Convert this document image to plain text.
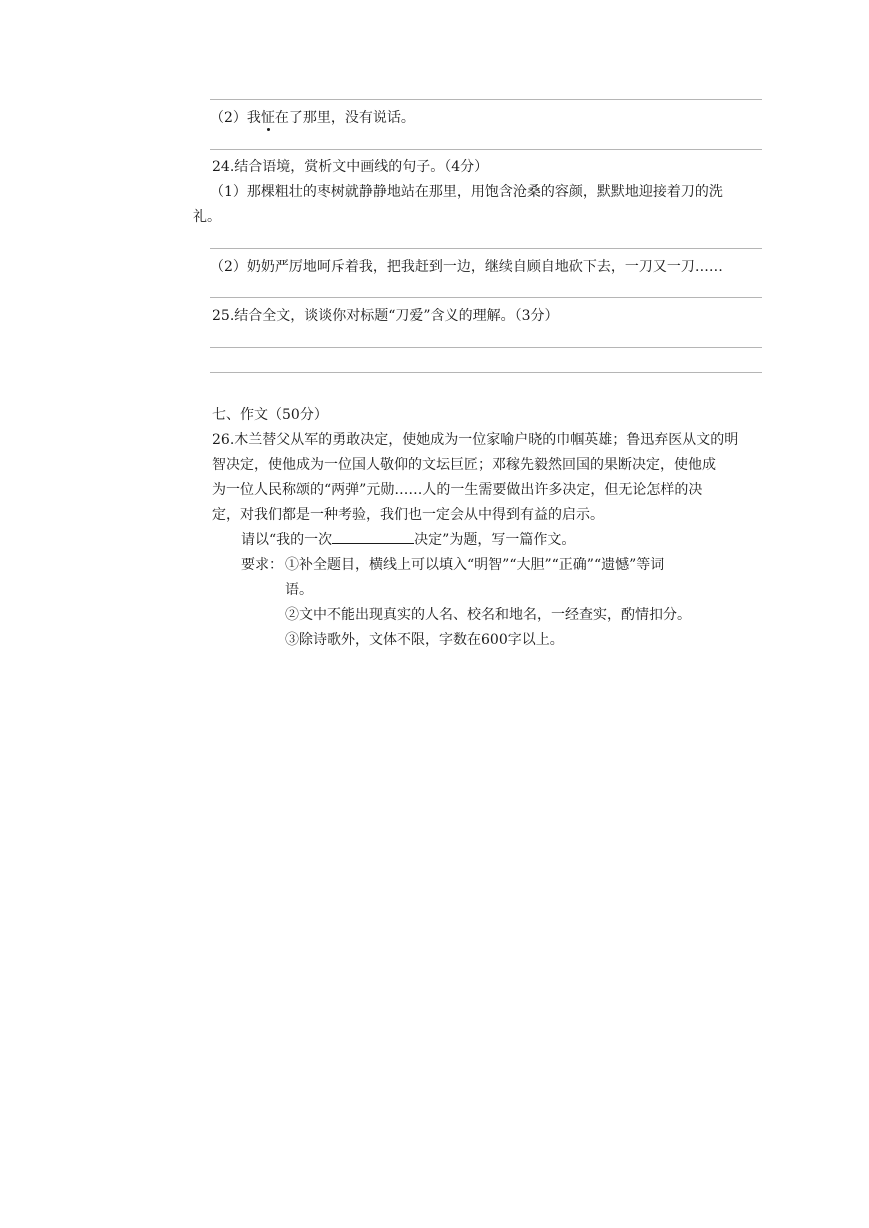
（2）我怔在了那里，没有说话。
24.结合语境，赏析文中画线的句子。（4分）
（1）那棵粗壮的枣树就静静地站在那里，用饱含沧桑的容颜，默默地迎接着刀的洗
礼。
（2）奶奶严厉地呵斥着我，把我赶到一边，继续自顾自地砍下去，一刀又一刀……
25.结合全文，谈谈你对标题“刀爱”含义的理解。（3分）
七、作文（50分）
26.木兰替父从军的勇敢决定，使她成为一位家喻户晓的巾帼英雄；鲁迅弃医从文的明
智决定，使他成为一位国人敬仰的文坛巨匠；邓稼先毅然回国的果断决定，使他成
为一位人民称颂的“两弹”元勋……人的一生需要做出许多决定，但无论怎样的决
定，对我们都是一种考验，我们也一定会从中得到有益的启示。
请以“我的一次	决定”为题，写一篇作文。
要求： ①补全题目，横线上可以填入“明智”“大胆”“正确”“遗憾”等词
语。
②文中不能出现真实的人名、校名和地名，一经查实，酌情扣分。
③除诗歌外，文体不限，字数在600字以上。
